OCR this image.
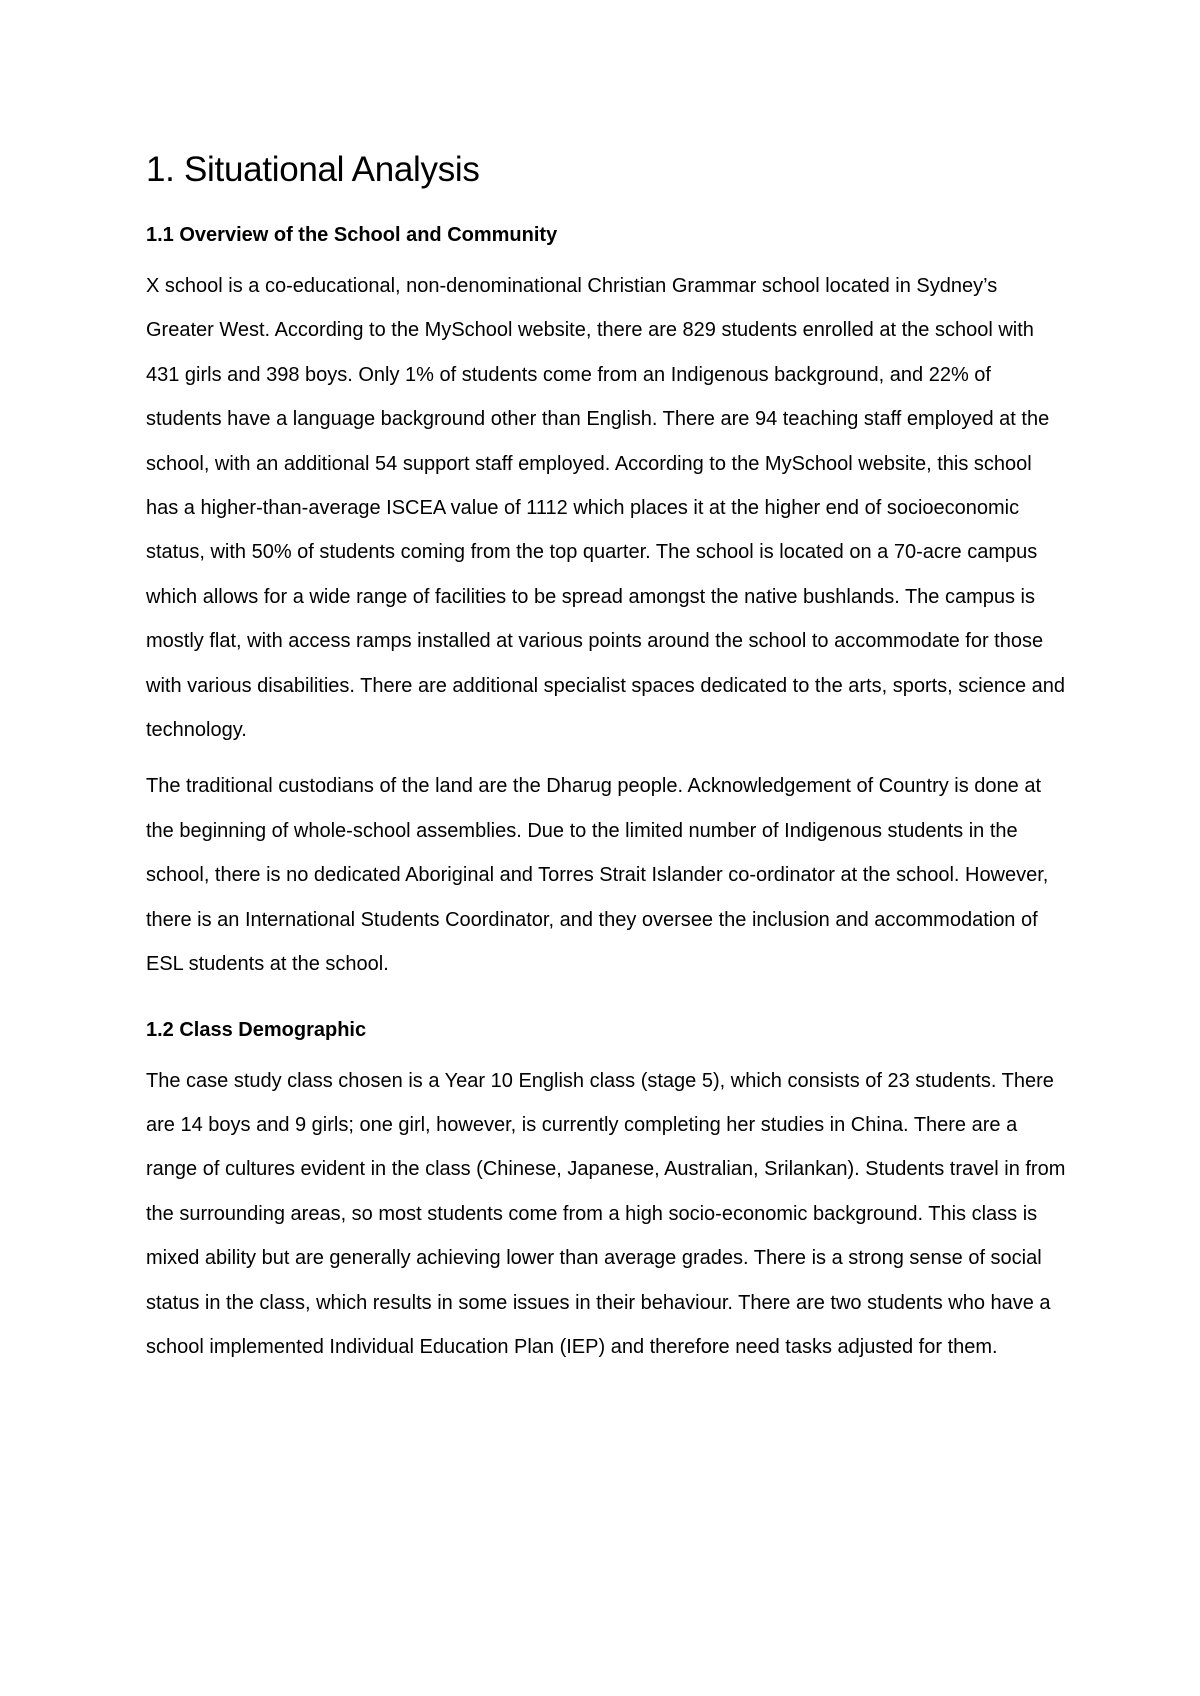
1. Situational Analysis
1.1 Overview of the School and Community

X school is a co-educational, non-denominational Christian Grammar school located in Sydney’s Greater West. According to the MySchool website, there are 829 students enrolled at the school with 431 girls and 398 boys. Only 1% of students come from an Indigenous background, and 22% of students have a language background other than English. There are 94 teaching staff employed at the school, with an additional 54 support staff employed. According to the MySchool website, this school has a higher-than-average ISCEA value of 1112 which places it at the higher end of socioeconomic status, with 50% of students coming from the top quarter. The school is located on a 70-acre campus which allows for a wide range of facilities to be spread amongst the native bushlands. The campus is mostly flat, with access ramps installed at various points around the school to accommodate for those with various disabilities. There are additional specialist spaces dedicated to the arts, sports, science and technology.

The traditional custodians of the land are the Dharug people. Acknowledgement of Country is done at the beginning of whole-school assemblies. Due to the limited number of Indigenous students in the school, there is no dedicated Aboriginal and Torres Strait Islander co-ordinator at the school. However, there is an International Students Coordinator, and they oversee the inclusion and accommodation of ESL students at the school.

1.2 Class Demographic

The case study class chosen is a Year 10 English class (stage 5), which consists of 23 students. There are 14 boys and 9 girls; one girl, however, is currently completing her studies in China. There are a range of cultures evident in the class (Chinese, Japanese, Australian, Srilankan). Students travel in from the surrounding areas, so most students come from a high socio-economic background. This class is mixed ability but are generally achieving lower than average grades. There is a strong sense of social status in the class, which results in some issues in their behaviour. There are two students who have a school implemented Individual Education Plan (IEP) and therefore need tasks adjusted for them.
